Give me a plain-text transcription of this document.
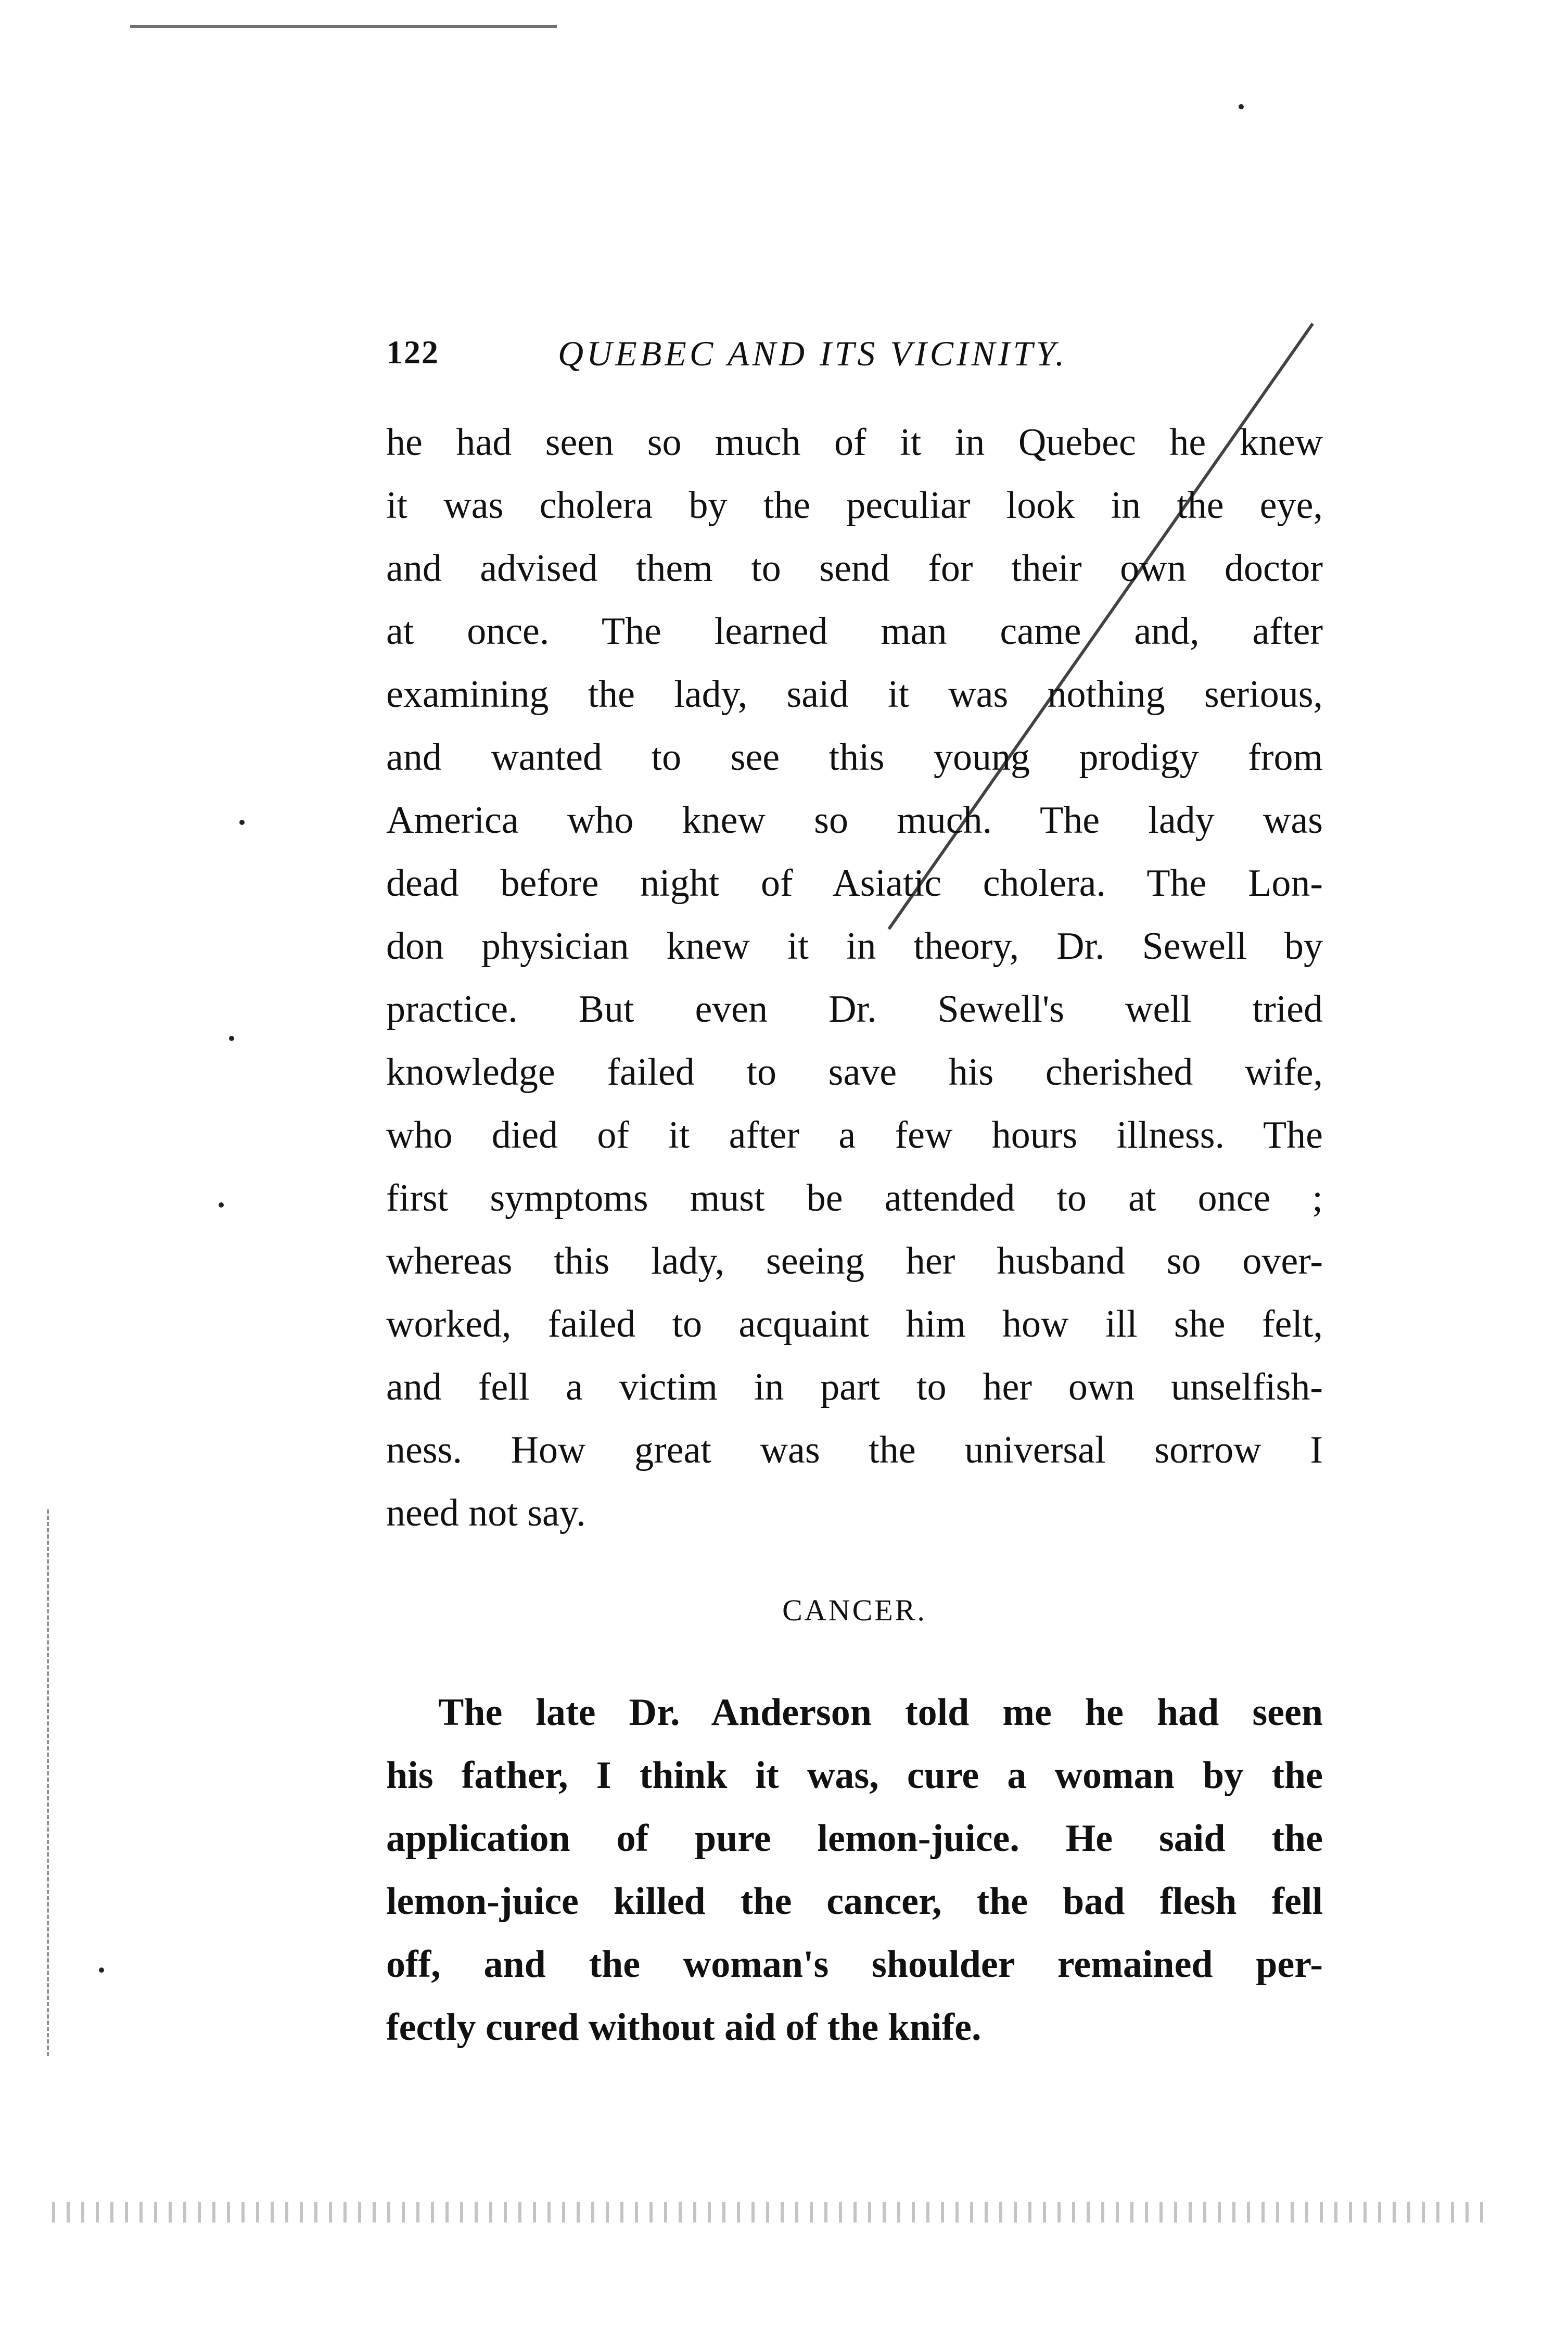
122	QUEBEC AND ITS VICINITY.
he had seen so much of it in Quebec he knew
it was cholera by the peculiar look in the eye,
and advised them to send for their own doctor
at once. The learned man came and, after
examining the lady, said it was nothing serious,
and wanted to see this young prodigy from
America who knew so much. The lady was
dead before night of Asiatic cholera. The Lon-
don physician knew it in theory, Dr. Sewell by
practice. But even Dr. Sewell's well tried
knowledge failed to save his cherished wife,
who died of it after a few hours illness. The
first symptoms must be attended to at once ;
whereas this lady, seeing her husband so over-
worked, failed to acquaint him how ill she felt,
and fell a victim in part to her own unselfish-
ness. How great was the universal sorrow I
need not say.
CANCER.
The late Dr. Anderson told me he had seen
his father, I think it was, cure a woman by the
application of pure lemon-juice. He said the
lemon-juice killed the cancer, the bad flesh fell
off, and the woman's shoulder remained per-
fectly cured without aid of the knife.
